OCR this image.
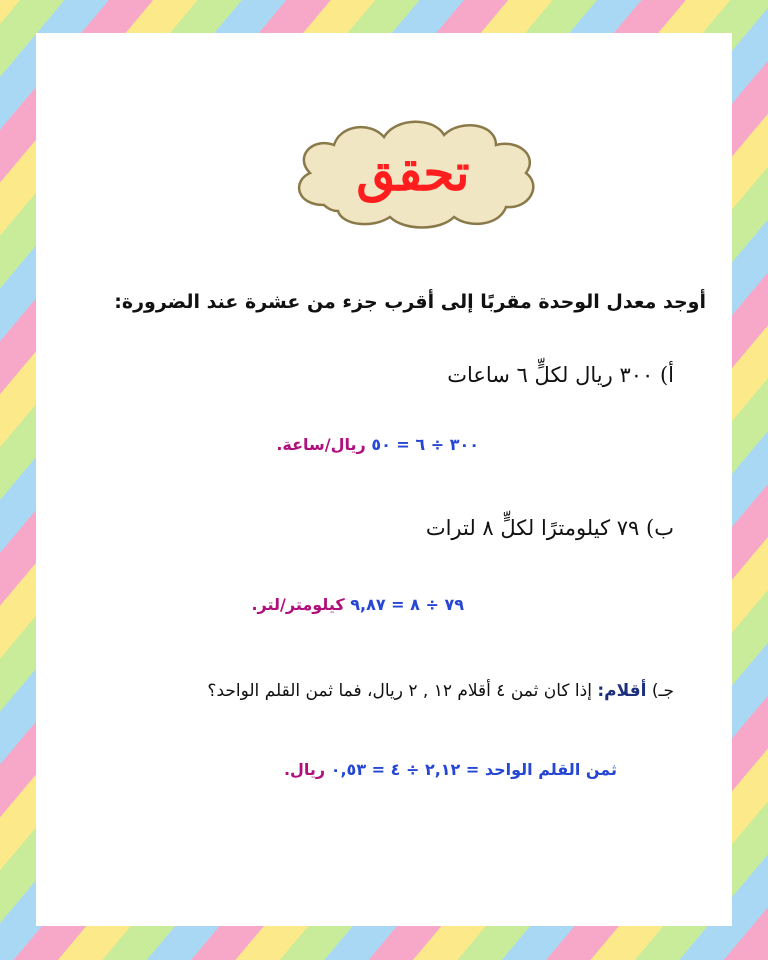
تحقق
أوجد معدل الوحدة مقربًا إلى أقرب جزء من عشرة عند الضرورة:
أ) ٣٠٠ ريال لكلٍّ ٦ ساعات
٣٠٠ ÷ ٦ = ٥٠ ريال/ساعة.
ب) ٧٩ كيلومترًا لكلٍّ ٨ لترات
٧٩ ÷ ٨ = ٩,٨٧ كيلومتر/لتر.
جـ) أقلام: إذا كان ثمن ٤ أقلام ١٢ , ٢ ريال، فما ثمن القلم الواحد؟
ثمن القلم الواحد = ٢,١٢ ÷ ٤ = ٠,٥٣ ريال.
